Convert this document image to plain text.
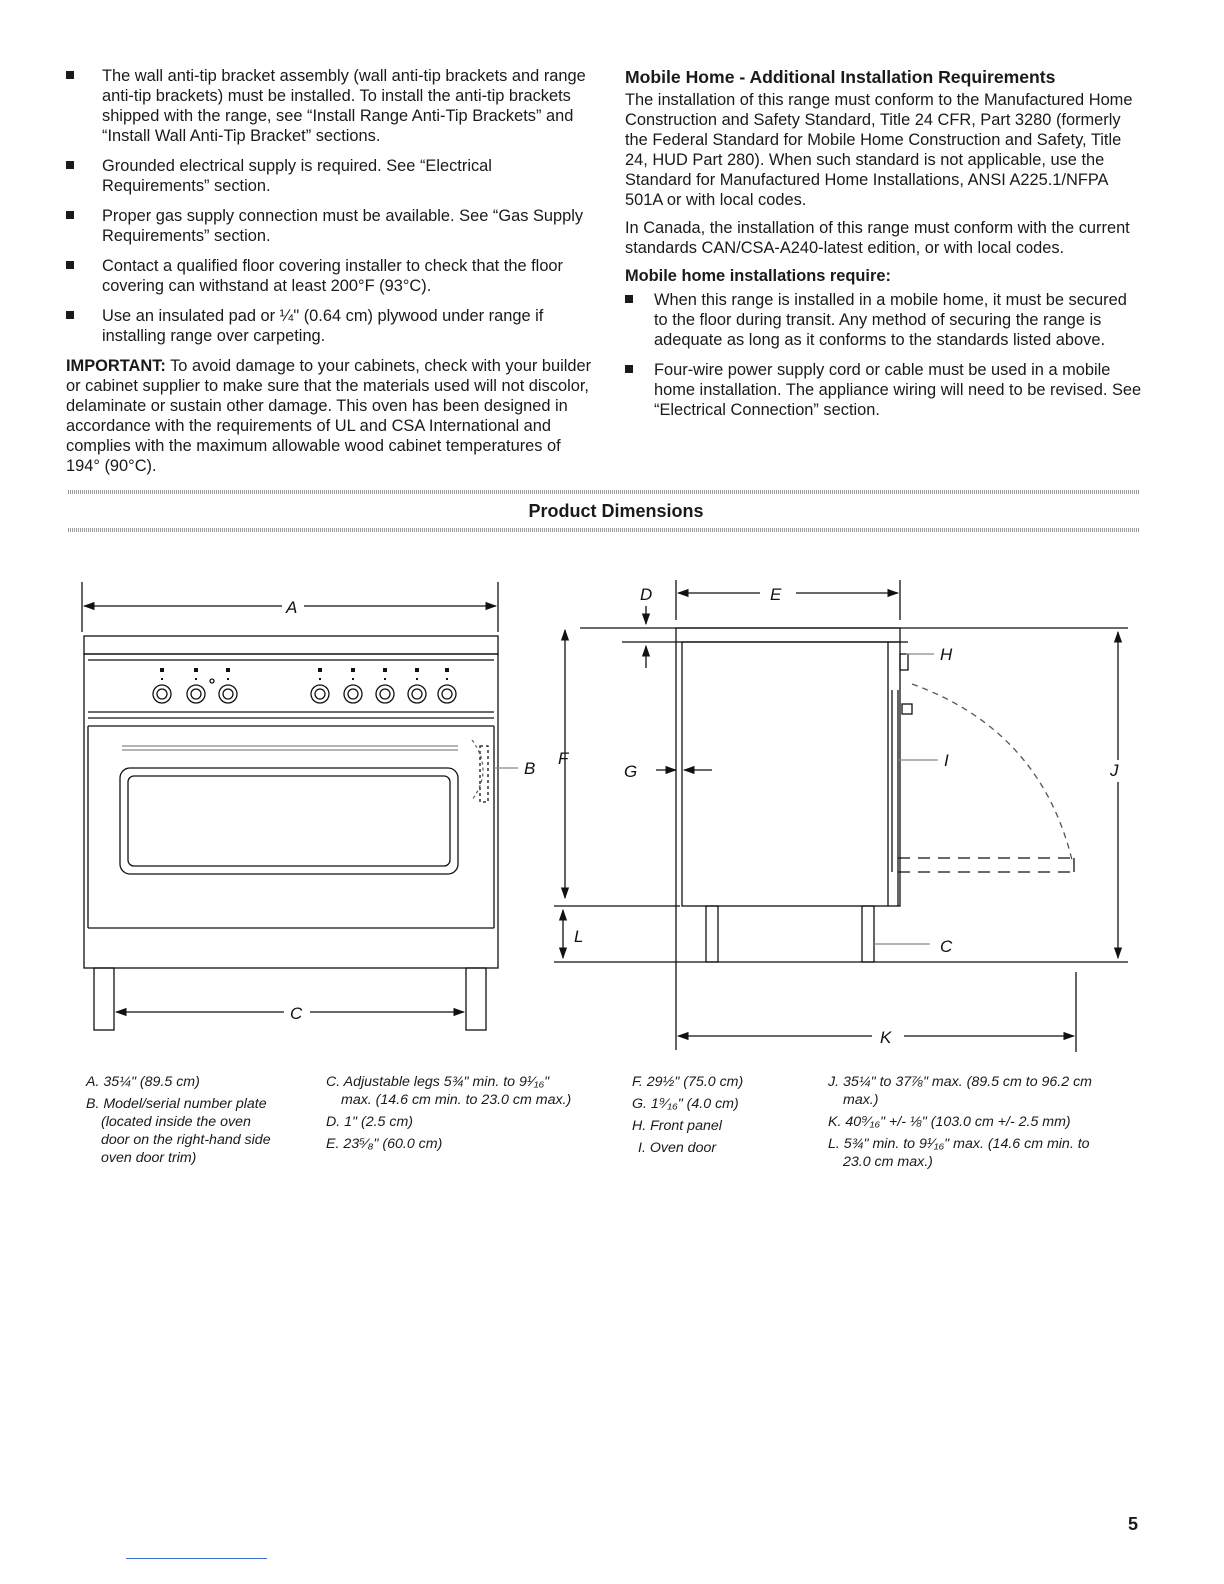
The wall anti-tip bracket assembly (wall anti-tip brackets and range anti-tip brackets) must be installed. To install the anti-tip brackets shipped with the range, see “Install Range Anti-Tip Brackets” and “Install Wall Anti-Tip Bracket” sections.
Grounded electrical supply is required. See “Electrical Requirements” section.
Proper gas supply connection must be available. See “Gas Supply Requirements” section.
Contact a qualified floor covering installer to check that the floor covering can withstand at least 200°F (93°C).
Use an insulated pad or ¼" (0.64 cm) plywood under range if installing range over carpeting.

IMPORTANT: To avoid damage to your cabinets, check with your builder or cabinet supplier to make sure that the materials used will not discolor, delaminate or sustain other damage. This oven has been designed in accordance with the requirements of UL and CSA International and complies with the maximum allowable wood cabinet temperatures of 194° (90°C).

Mobile Home - Additional Installation Requirements

The installation of this range must conform to the Manufactured Home Construction and Safety Standard, Title 24 CFR, Part 3280 (formerly the Federal Standard for Mobile Home Construction and Safety, Title 24, HUD Part 280). When such standard is not applicable, use the Standard for Manufactured Home Installations, ANSI A225.1/NFPA 501A or with local codes.

In Canada, the installation of this range must conform with the current standards CAN/CSA-A240-latest edition, or with local codes.

Mobile home installations require:
When this range is installed in a mobile home, it must be secured to the floor during transit. Any method of securing the range is adequate as long as it conforms to the standards listed above.
Four-wire power supply cord or cable must be used in a mobile home installation. The appliance wiring will need to be revised. See “Electrical Connection” section.
Product Dimensions
A
B
C
F
L
D	E
G
H
I
J
C
K
A. 35¼" (89.5 cm)
B. Model/serial number plate
(located inside the oven
door on the right-hand side
oven door trim)
C. Adjustable legs 5¾" min. to 9¹⁄₁₆"
max. (14.6 cm min. to 23.0 cm max.)
D. 1" (2.5 cm)
E. 23⁵⁄₈" (60.0 cm)
F. 29½" (75.0 cm)
G. 1⁹⁄₁₆" (4.0 cm)
H. Front panel
I. Oven door
J. 35¼" to 37⅞" max. (89.5 cm to 96.2 cm
max.)
K. 40⁹⁄₁₆" +/- ⅛" (103.0 cm +/- 2.5 mm)
L. 5¾" min. to 9¹⁄₁₆" max. (14.6 cm min. to
23.0 cm max.)
5
